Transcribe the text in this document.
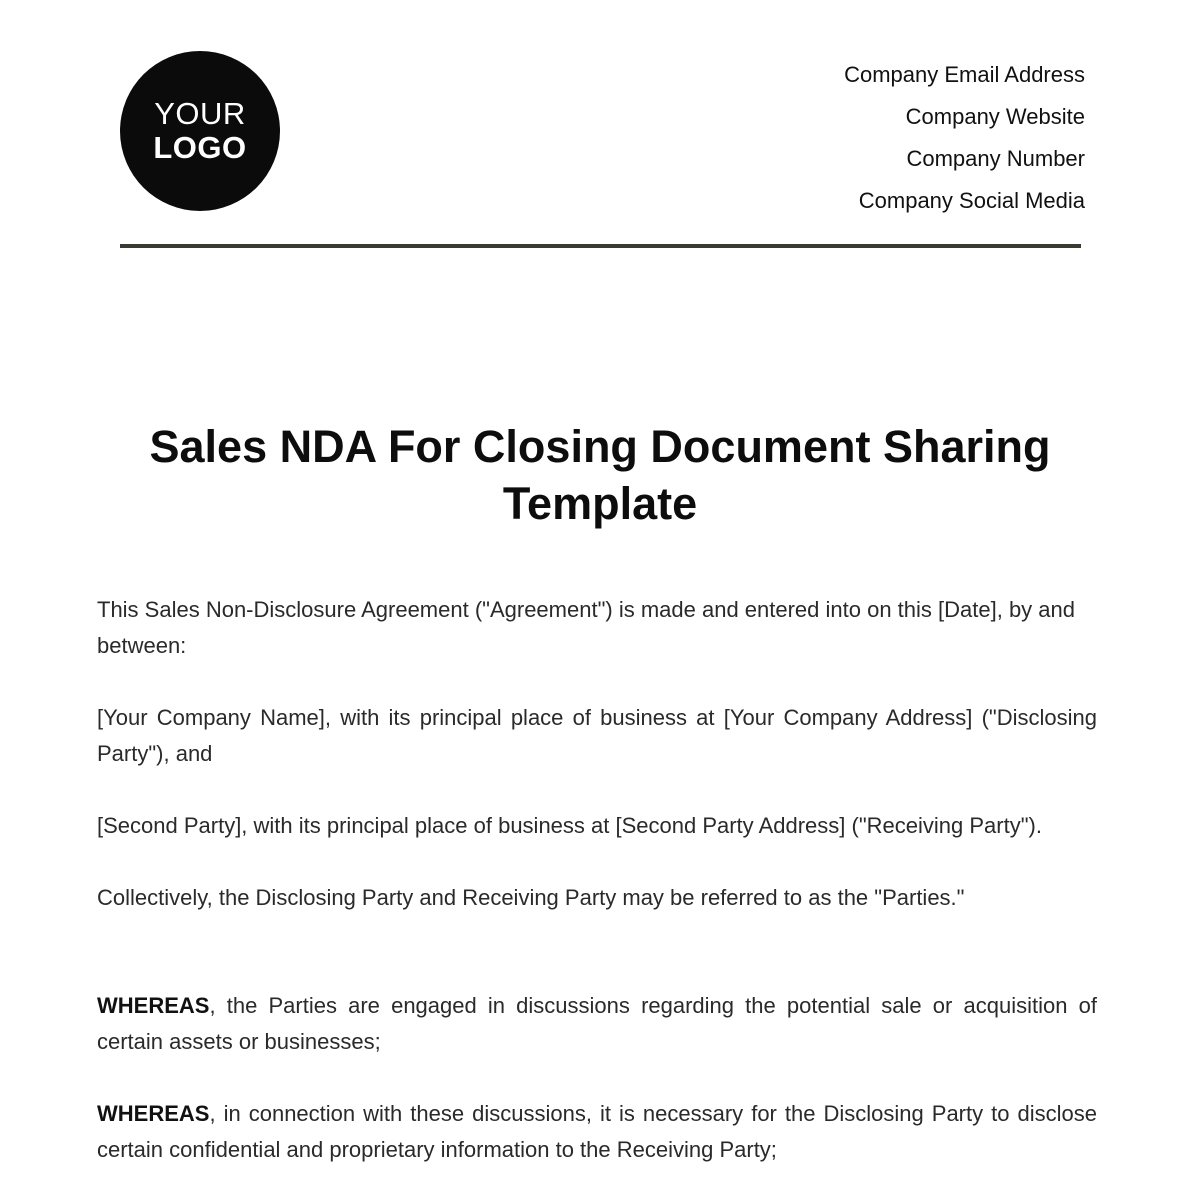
YOUR
LOGO
Company Email Address
Company Website
Company Number
Company Social Media
Sales NDA For Closing Document Sharing Template

This Sales Non-Disclosure Agreement ("Agreement") is made and entered into on this [Date], by and between:

[Your Company Name], with its principal place of business at [Your Company Address] ("Disclosing Party"), and

[Second Party], with its principal place of business at [Second Party Address] ("Receiving Party").

Collectively, the Disclosing Party and Receiving Party may be referred to as the "Parties."

WHEREAS, the Parties are engaged in discussions regarding the potential sale or acquisition of certain assets or businesses;

WHEREAS, in connection with these discussions, it is necessary for the Disclosing Party to disclose certain confidential and proprietary information to the Receiving Party;
